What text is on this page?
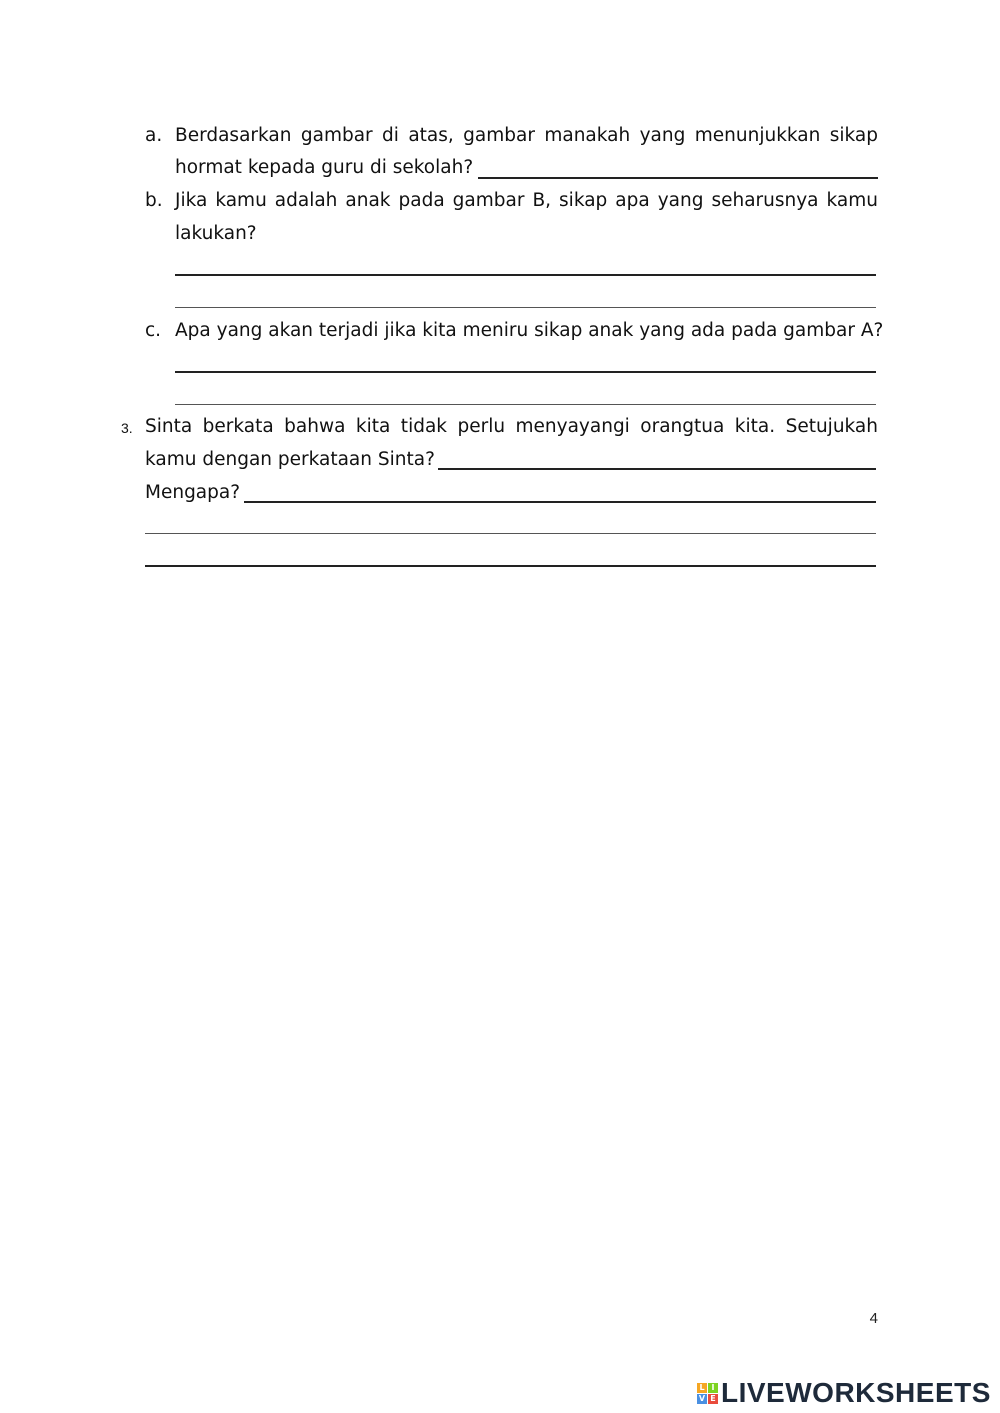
a. Berdasarkan gambar di atas, gambar manakah yang menunjukkan sikap
hormat kepada guru di sekolah?
b. Jika kamu adalah anak pada gambar B, sikap apa yang seharusnya kamu
lakukan?
c. Apa yang akan terjadi jika kita meniru sikap anak yang ada pada gambar A?
3. Sinta berkata bahwa kita tidak perlu menyayangi orangtua kita. Setujukah
kamu dengan perkataan Sinta?
Mengapa?
4
L I
V E LIVEWORKSHEETS
